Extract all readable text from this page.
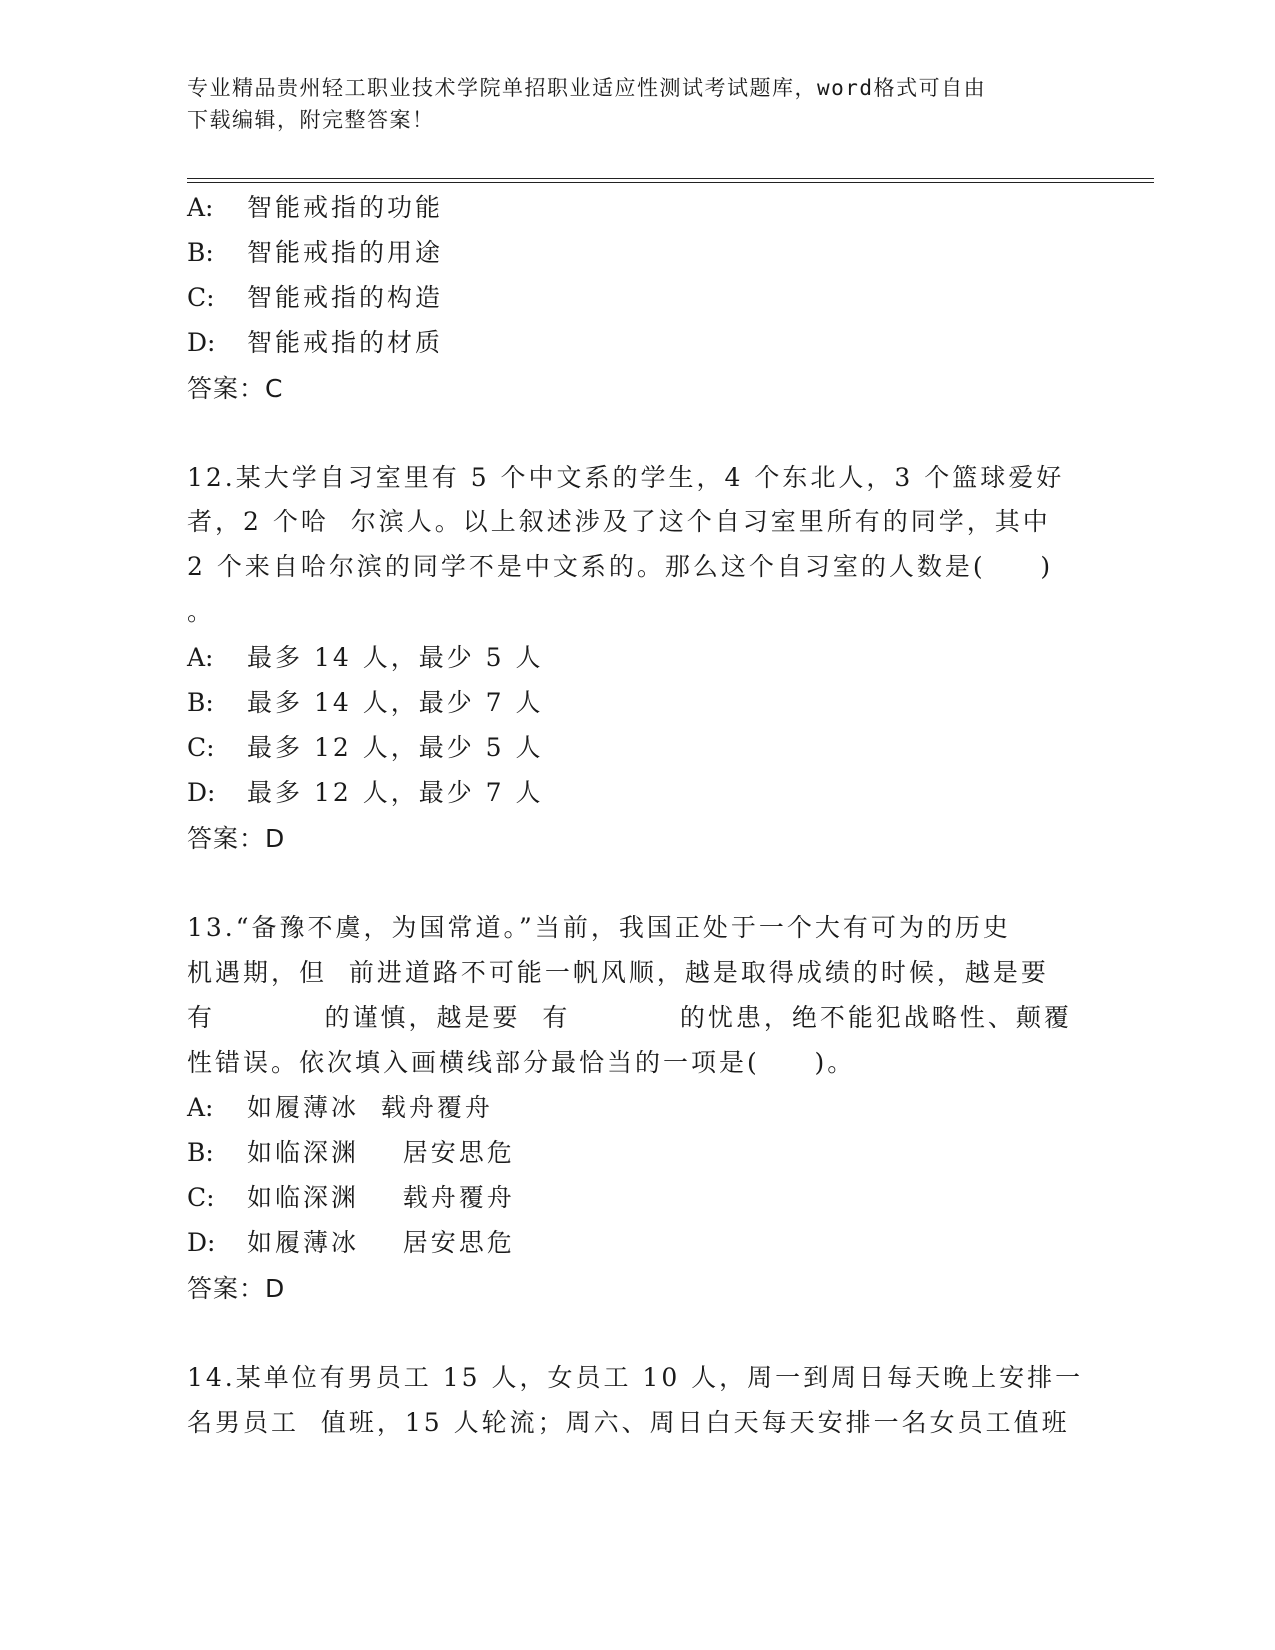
专业精品贵州轻工职业技术学院单招职业适应性测试考试题库，word格式可自由
下载编辑，附完整答案！
A: 智能戒指的功能
B: 智能戒指的用途
C: 智能戒指的构造
D: 智能戒指的材质
答案：C
12.某大学自习室里有 5 个中文系的学生，4 个东北人，3 个篮球爱好
者，2 个哈  尔滨人。以上叙述涉及了这个自习室里所有的同学，其中
2 个来自哈尔滨的同学不是中文系的。那么这个自习室的人数是(     )
。
A: 最多 14 人，最少 5 人
B: 最多 14 人，最少 7 人
C: 最多 12 人，最少 5 人
D: 最多 12 人，最少 7 人
答案：D
13.“备豫不虞，为国常道。”当前，我国正处于一个大有可为的历史
机遇期，但  前进道路不可能一帆风顺，越是取得成绩的时候，越是要
有          的谨慎，越是要  有          的忧患，绝不能犯战略性、颠覆
性错误。依次填入画横线部分最恰当的一项是(     )。
A: 如履薄冰  载舟覆舟
B: 如临深渊    居安思危
C: 如临深渊    载舟覆舟
D: 如履薄冰    居安思危
答案：D
14.某单位有男员工 15 人，女员工 10 人，周一到周日每天晚上安排一
名男员工  值班，15 人轮流；周六、周日白天每天安排一名女员工值班
